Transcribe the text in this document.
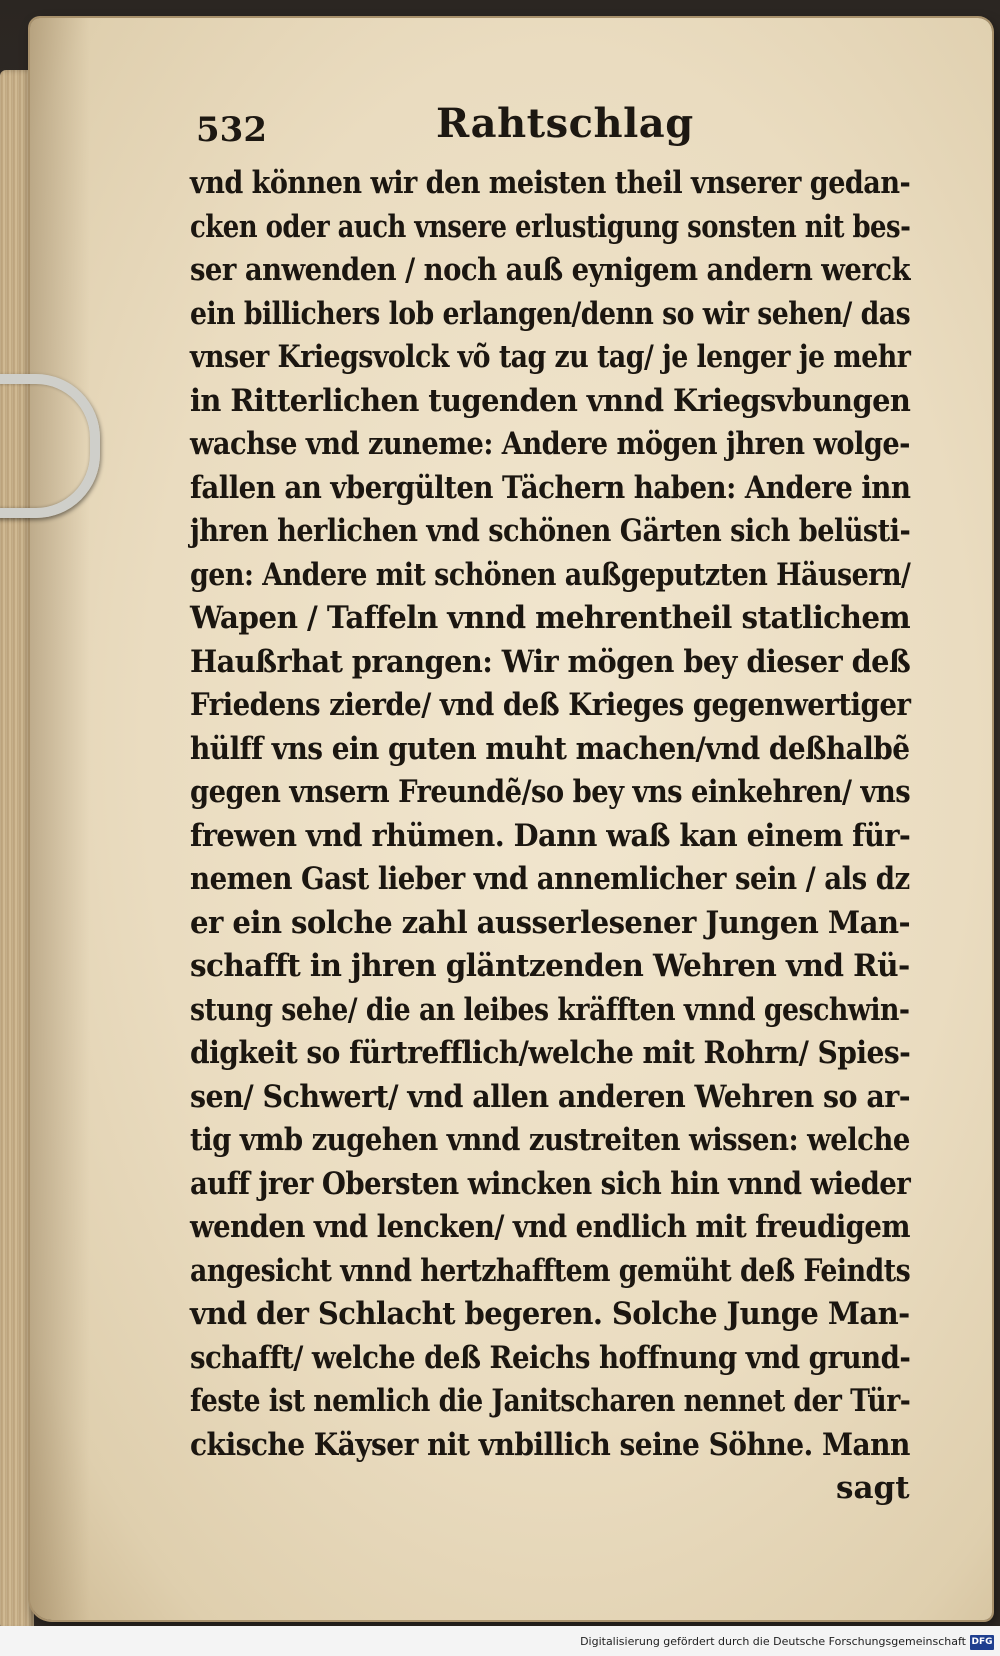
532	Rahtschlag
vnd können wir den meisten theil vnserer gedan-
cken oder auch vnsere erlustigung sonsten nit bes-
ser anwenden / noch auß eynigem andern werck
ein billichers lob erlangen/denn so wir sehen/ das
vnser Kriegsvolck võ tag zu tag/ je lenger je mehr
in Ritterlichen tugenden vnnd Kriegsvbungen
wachse vnd zuneme: Andere mögen jhren wolge-
fallen an vbergülten Tächern haben: Andere inn
jhren herlichen vnd schönen Gärten sich belüsti-
gen: Andere mit schönen außgeputzten Häusern/
Wapen / Taffeln vnnd mehrentheil statlichem
Haußrhat prangen: Wir mögen bey dieser deß
Friedens zierde/ vnd deß Krieges gegenwertiger
hülff vns ein guten muht machen/vnd deßhalbẽ
gegen vnsern Freundẽ/so bey vns einkehren/ vns
frewen vnd rhümen. Dann waß kan einem für-
nemen Gast lieber vnd annemlicher sein / als dz
er ein solche zahl ausserlesener Jungen Man-
schafft in jhren gläntzenden Wehren vnd Rü-
stung sehe/ die an leibes kräfften vnnd geschwin-
digkeit so fürtrefflich/welche mit Rohrn/ Spies-
sen/ Schwert/ vnd allen anderen Wehren so ar-
tig vmb zugehen vnnd zustreiten wissen: welche
auff jrer Obersten wincken sich hin vnnd wieder
wenden vnd lencken/ vnd endlich mit freudigem
angesicht vnnd hertzhafftem gemüht deß Feindts
vnd der Schlacht begeren. Solche Junge Man-
schafft/ welche deß Reichs hoffnung vnd grund-
feste ist nemlich die Janitscharen nennet der Tür-
ckische Käyser nit vnbillich seine Söhne. Mann
sagt
Digitalisierung gefördert durch die Deutsche Forschungsgemeinschaft DFG
